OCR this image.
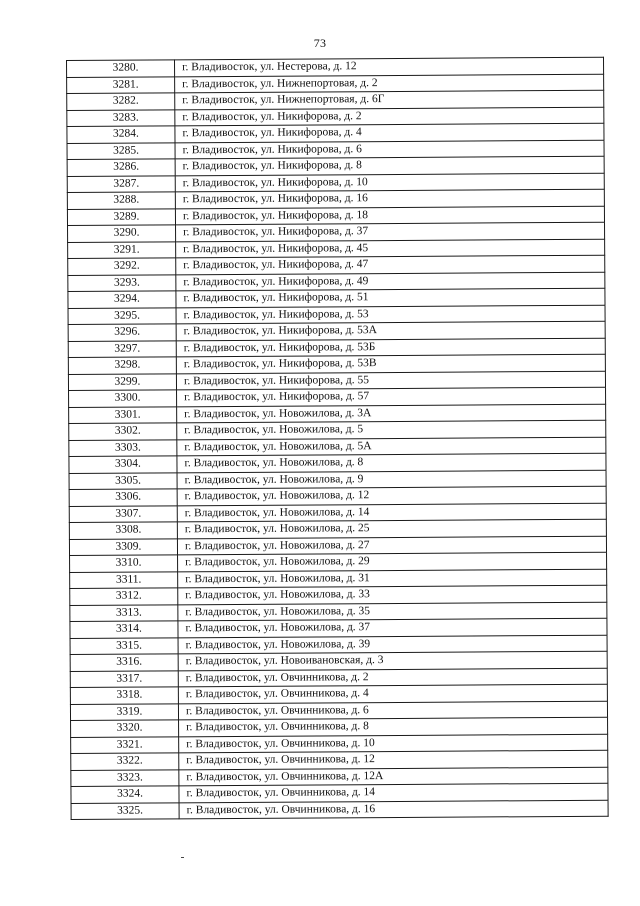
73
3280.	г. Владивосток, ул. Нестерова, д. 12
3281.	г. Владивосток, ул. Нижнепортовая, д. 2
3282.	г. Владивосток, ул. Нижнепортовая, д. 6Г
3283.	г. Владивосток, ул. Никифорова, д. 2
3284.	г. Владивосток, ул. Никифорова, д. 4
3285.	г. Владивосток, ул. Никифорова, д. 6
3286.	г. Владивосток, ул. Никифорова, д. 8
3287.	г. Владивосток, ул. Никифорова, д. 10
3288.	г. Владивосток, ул. Никифорова, д. 16
3289.	г. Владивосток, ул. Никифорова, д. 18
3290.	г. Владивосток, ул. Никифорова, д. 37
3291.	г. Владивосток, ул. Никифорова, д. 45
3292.	г. Владивосток, ул. Никифорова, д. 47
3293.	г. Владивосток, ул. Никифорова, д. 49
3294.	г. Владивосток, ул. Никифорова, д. 51
3295.	г. Владивосток, ул. Никифорова, д. 53
3296.	г. Владивосток, ул. Никифорова, д. 53А
3297.	г. Владивосток, ул. Никифорова, д. 53Б
3298.	г. Владивосток, ул. Никифорова, д. 53В
3299.	г. Владивосток, ул. Никифорова, д. 55
3300.	г. Владивосток, ул. Никифорова, д. 57
3301.	г. Владивосток, ул. Новожилова, д. 3А
3302.	г. Владивосток, ул. Новожилова, д. 5
3303.	г. Владивосток, ул. Новожилова, д. 5А
3304.	г. Владивосток, ул. Новожилова, д. 8
3305.	г. Владивосток, ул. Новожилова, д. 9
3306.	г. Владивосток, ул. Новожилова, д. 12
3307.	г. Владивосток, ул. Новожилова, д. 14
3308.	г. Владивосток, ул. Новожилова, д. 25
3309.	г. Владивосток, ул. Новожилова, д. 27
3310.	г. Владивосток, ул. Новожилова, д. 29
3311.	г. Владивосток, ул. Новожилова, д. 31
3312.	г. Владивосток, ул. Новожилова, д. 33
3313.	г. Владивосток, ул. Новожилова, д. 35
3314.	г. Владивосток, ул. Новожилова, д. 37
3315.	г. Владивосток, ул. Новожилова, д. 39
3316.	г. Владивосток, ул. Новоивановская, д. 3
3317.	г. Владивосток, ул. Овчинникова, д. 2
3318.	г. Владивосток, ул. Овчинникова, д. 4
3319.	г. Владивосток, ул. Овчинникова, д. 6
3320.	г. Владивосток, ул. Овчинникова, д. 8
3321.	г. Владивосток, ул. Овчинникова, д. 10
3322.	г. Владивосток, ул. Овчинникова, д. 12
3323.	г. Владивосток, ул. Овчинникова, д. 12А
3324.	г. Владивосток, ул. Овчинникова, д. 14
3325.	г. Владивосток, ул. Овчинникова, д. 16
